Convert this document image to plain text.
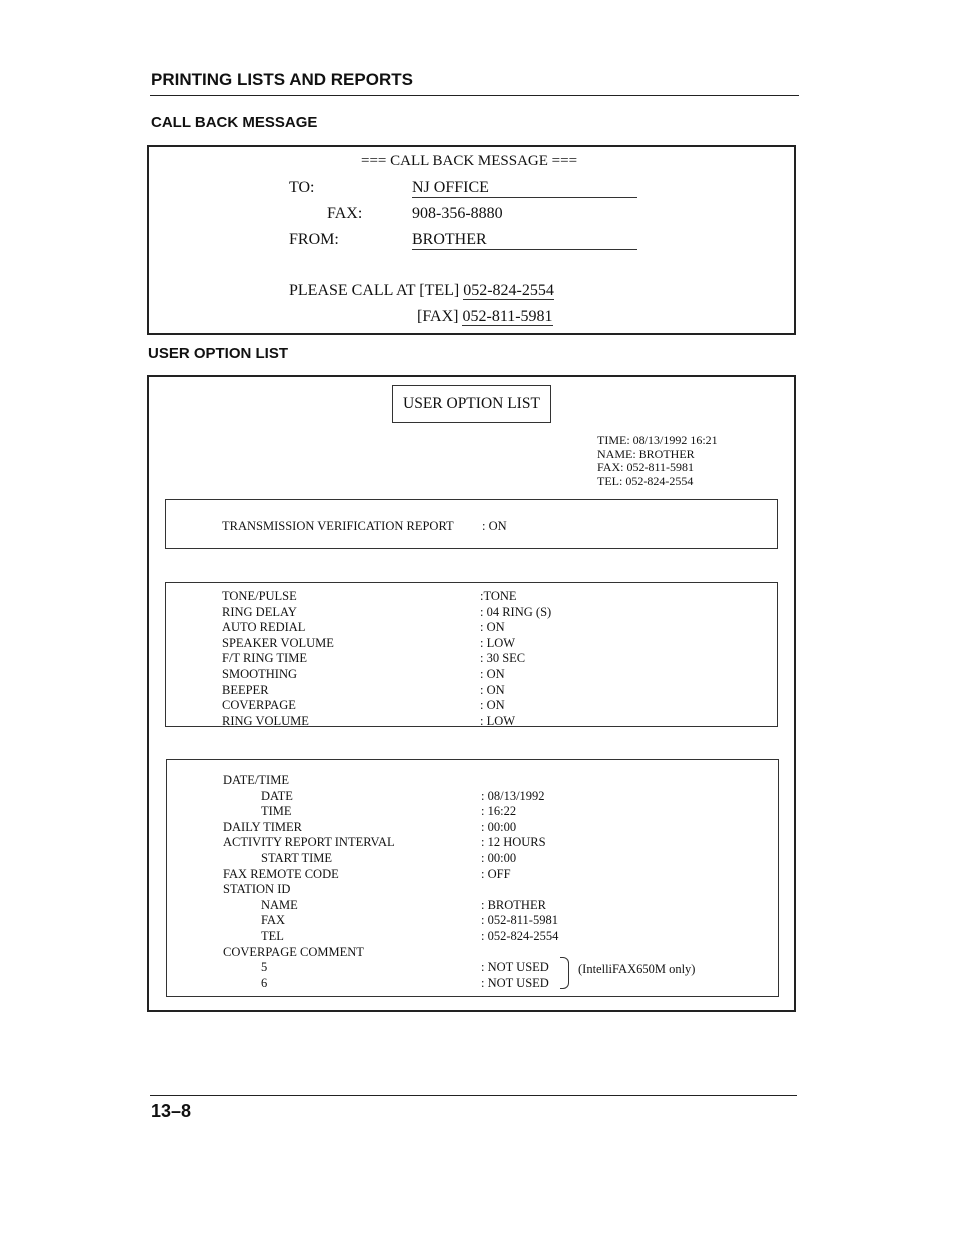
PRINTING LISTS AND REPORTS
CALL BACK MESSAGE
=== CALL BACK MESSAGE ===
TO:	NJ OFFICE
FAX:	908-356-8880
FROM:	BROTHER
PLEASE CALL AT [TEL] 052-824-2554
[FAX] 052-811-5981
USER OPTION LIST
USER OPTION LIST
TIME: 08/13/1992 16:21
NAME: BROTHER
FAX: 052-811-5981
TEL: 052-824-2554
TRANSMISSION VERIFICATION REPORT : ON
TONE/PULSE	:TONE
RING DELAY	: 04 RING (S)
AUTO REDIAL	: ON
SPEAKER VOLUME	: LOW
F/T RING TIME	: 30 SEC
SMOOTHING	: ON
BEEPER	: ON
COVERPAGE	: ON
RING VOLUME	: LOW
DATE/TIME
DATE	: 08/13/1992
TIME	: 16:22
DAILY TIMER	: 00:00
ACTIVITY REPORT INTERVAL	: 12 HOURS
START TIME	: 00:00
FAX REMOTE CODE	: OFF
STATION ID
NAME	: BROTHER
FAX	: 052-811-5981
TEL	: 052-824-2554
COVERPAGE COMMENT
5	: NOT USED
6	: NOT USED
(IntelliFAX650M only)
13–8
